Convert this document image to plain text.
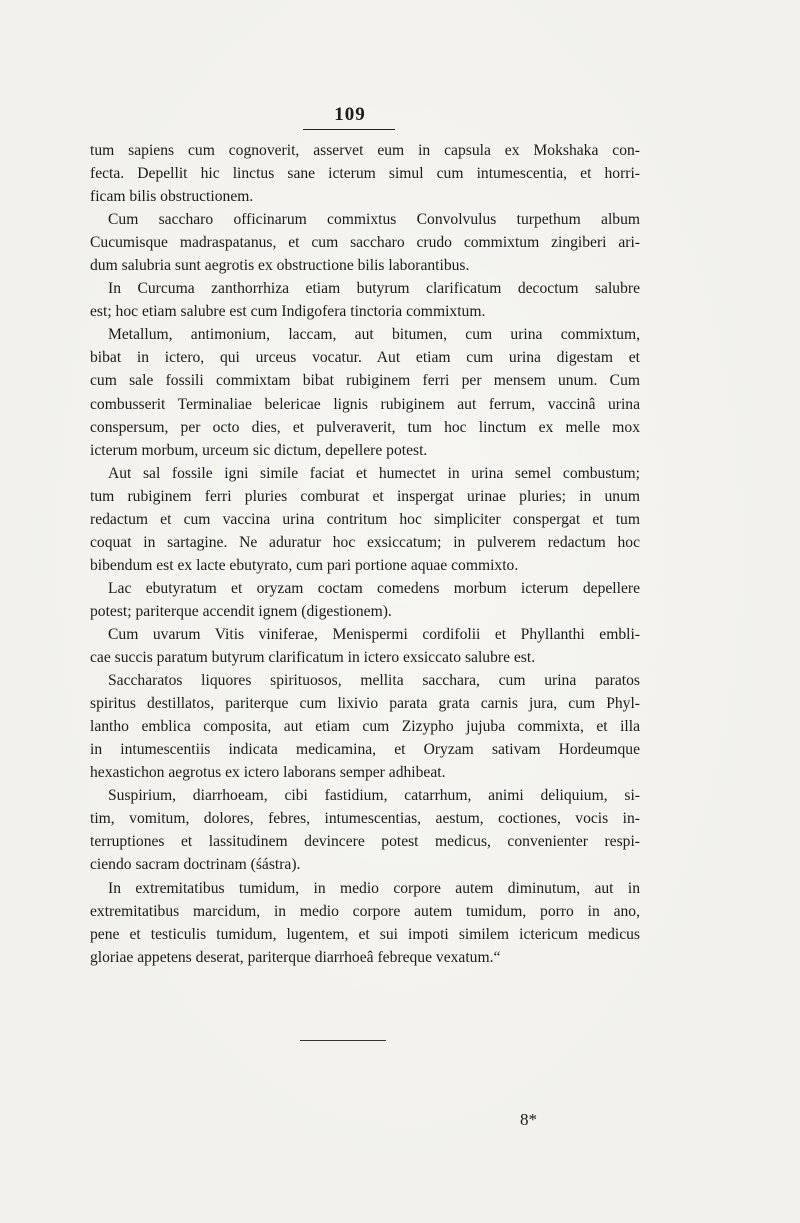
109
tum sapiens cum cognoverit, asservet eum in capsula ex Mokshaka con-
fecta. Depellit hic linctus sane icterum simul cum intumescentia, et horri-
ficam bilis obstructionem.
Cum saccharo officinarum commixtus Convolvulus turpethum album
Cucumisque madraspatanus, et cum saccharo crudo commixtum zingiberi ari-
dum salubria sunt aegrotis ex obstructione bilis laborantibus.
In Curcuma zanthorrhiza etiam butyrum clarificatum decoctum salubre
est; hoc etiam salubre est cum Indigofera tinctoria commixtum.
Metallum, antimonium, laccam, aut bitumen, cum urina commixtum,
bibat in ictero, qui urceus vocatur. Aut etiam cum urina digestam et
cum sale fossili commixtam bibat rubiginem ferri per mensem unum. Cum
combusserit Terminaliae belericae lignis rubiginem aut ferrum, vaccinâ urina
conspersum, per octo dies, et pulveraverit, tum hoc linctum ex melle mox
icterum morbum, urceum sic dictum, depellere potest.
Aut sal fossile igni simile faciat et humectet in urina semel combustum;
tum rubiginem ferri pluries comburat et inspergat urinae pluries; in unum
redactum et cum vaccina urina contritum hoc simpliciter conspergat et tum
coquat in sartagine. Ne aduratur hoc exsiccatum; in pulverem redactum hoc
bibendum est ex lacte ebutyrato, cum pari portione aquae commixto.
Lac ebutyratum et oryzam coctam comedens morbum icterum depellere
potest; pariterque accendit ignem (digestionem).
Cum uvarum Vitis viniferae, Menispermi cordifolii et Phyllanthi embli-
cae succis paratum butyrum clarificatum in ictero exsiccato salubre est.
Saccharatos liquores spirituosos, mellita sacchara, cum urina paratos
spiritus destillatos, pariterque cum lixivio parata grata carnis jura, cum Phyl-
lantho emblica composita, aut etiam cum Zizypho jujuba commixta, et illa
in intumescentiis indicata medicamina, et Oryzam sativam Hordeumque
hexastichon aegrotus ex ictero laborans semper adhibeat.
Suspirium, diarrhoeam, cibi fastidium, catarrhum, animi deliquium, si-
tim, vomitum, dolores, febres, intumescentias, aestum, coctiones, vocis in-
terruptiones et lassitudinem devincere potest medicus, convenienter respi-
ciendo sacram doctrinam (śástra).
In extremitatibus tumidum, in medio corpore autem diminutum, aut in
extremitatibus marcidum, in medio corpore autem tumidum, porro in ano,
pene et testiculis tumidum, lugentem, et sui impoti similem ictericum medicus
gloriae appetens deserat, pariterque diarrhoeâ febreque vexatum.“
8*
